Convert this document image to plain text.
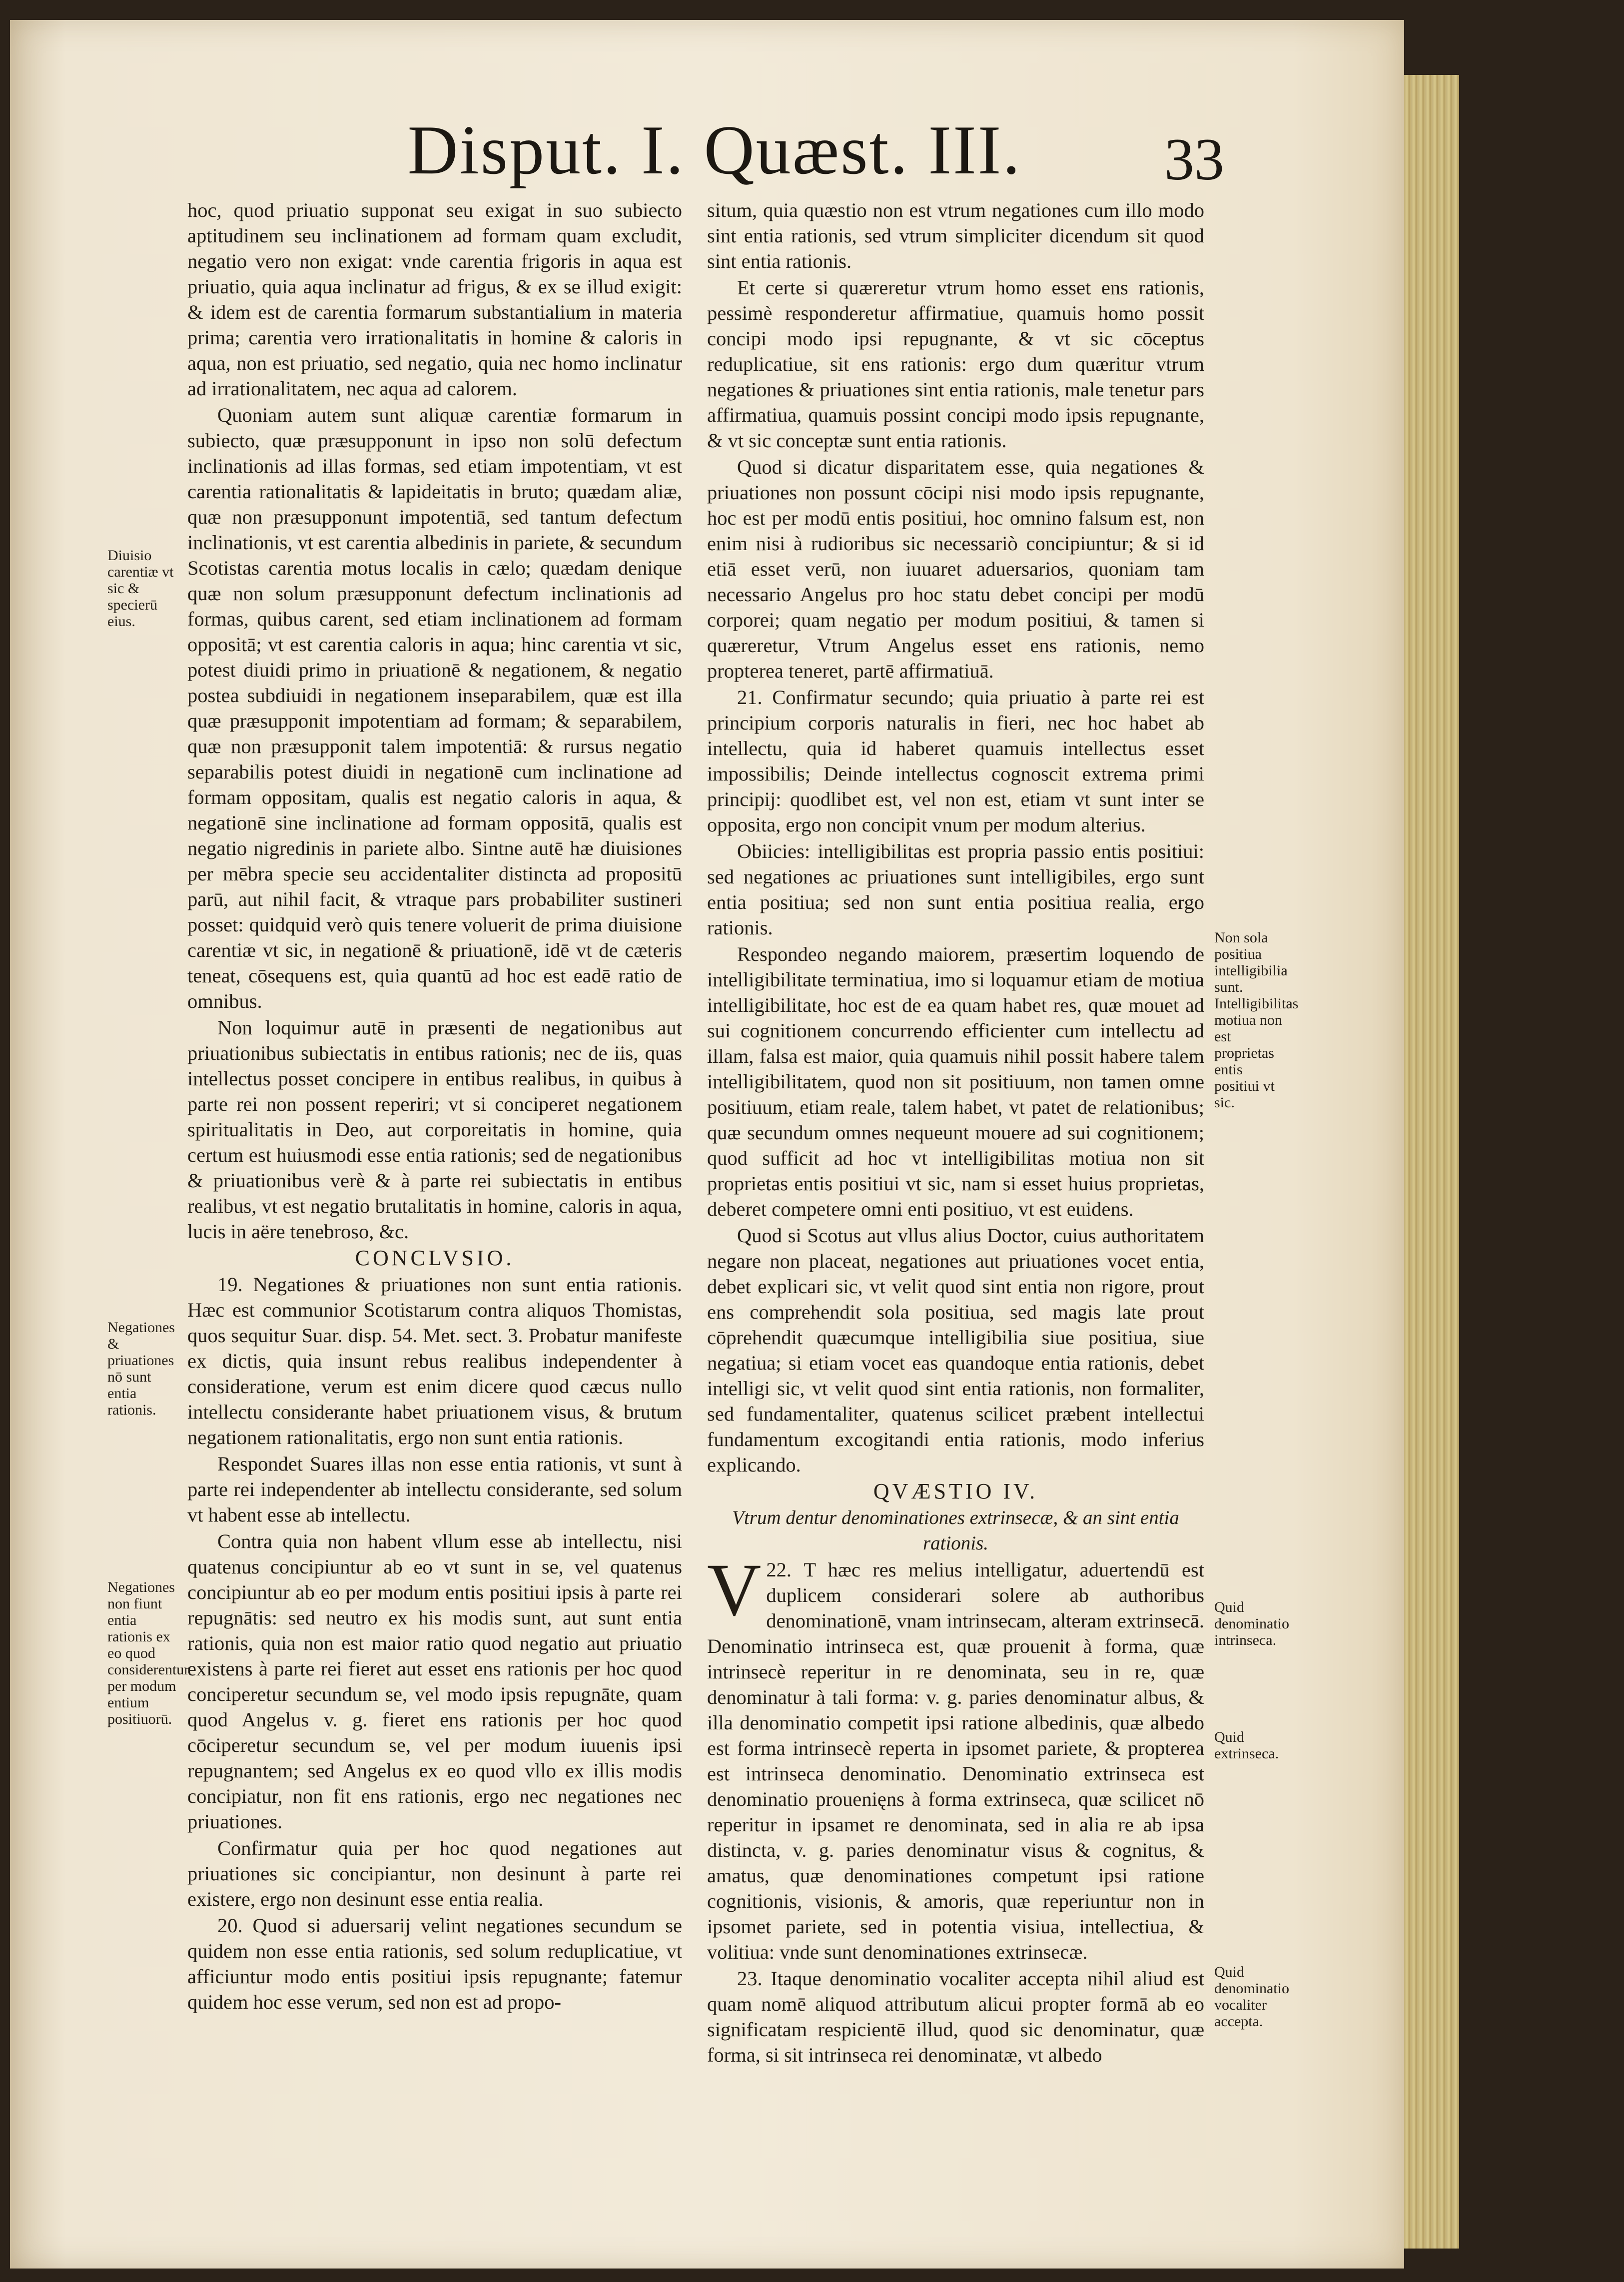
Disput. I. Quæst. III.	33
Diuisio carentiæ vt sic & specierū eius.
Negationes & priuationes nō sunt entia rationis.
Negationes non fiunt entia rationis ex eo quod considerentur per modum entium positiuorū.
Non sola positiua intelligibilia sunt. Intelligibilitas motiua non est proprietas entis positiui vt sic.
Quid denominatio intrinseca.
Quid extrinseca.
Quid denominatio vocaliter accepta.

hoc, quod priuatio supponat seu exigat in suo subiecto aptitudinem seu inclinationem ad formam quam excludit, negatio vero non exigat: vnde carentia frigoris in aqua est priuatio, quia aqua inclinatur ad frigus, & ex se illud exigit: & idem est de carentia formarum substantialium in materia prima; carentia vero irrationalitatis in homine & caloris in aqua, non est priuatio, sed negatio, quia nec homo inclinatur ad irrationalitatem, nec aqua ad calorem.

Quoniam autem sunt aliquæ carentiæ formarum in subiecto, quæ præsupponunt in ipso non solū defectum inclinationis ad illas formas, sed etiam impotentiam, vt est carentia rationalitatis & lapideitatis in bruto; quædam aliæ, quæ non præsupponunt impotentiā, sed tantum defectum inclinationis, vt est carentia albedinis in pariete, & secundum Scotistas carentia motus localis in cælo; quædam denique quæ non solum præsupponunt defectum inclinationis ad formas, quibus carent, sed etiam inclinationem ad formam oppositā; vt est carentia caloris in aqua; hinc carentia vt sic, potest diuidi primo in priuationē & negationem, & negatio postea subdiuidi in negationem inseparabilem, quæ est illa quæ præsupponit impotentiam ad formam; & separabilem, quæ non præsupponit talem impotentiā: & rursus negatio separabilis potest diuidi in negationē cum inclinatione ad formam oppositam, qualis est negatio caloris in aqua, & negationē sine inclinatione ad formam oppositā, qualis est negatio nigredinis in pariete albo. Sintne autē hæ diuisiones per mēbra specie seu accidentaliter distincta ad propositū parū, aut nihil facit, & vtraque pars probabiliter sustineri posset: quidquid verò quis tenere voluerit de prima diuisione carentiæ vt sic, in negationē & priuationē, idē vt de cæteris teneat, cōsequens est, quia quantū ad hoc est eadē ratio de omnibus.

Non loquimur autē in præsenti de negationibus aut priuationibus subiectatis in entibus rationis; nec de iis, quas intellectus posset concipere in entibus realibus, in quibus à parte rei non possent reperiri; vt si conciperet negationem spiritualitatis in Deo, aut corporeitatis in homine, quia certum est huiusmodi esse entia rationis; sed de negationibus & priuationibus verè & à parte rei subiectatis in entibus realibus, vt est negatio brutalitatis in homine, caloris in aqua, lucis in aëre tenebroso, &c.

CONCLVSIO.

19. Negationes & priuationes non sunt entia rationis. Hæc est communior Scotistarum contra aliquos Thomistas, quos sequitur Suar. disp. 54. Met. sect. 3. Probatur manifeste ex dictis, quia insunt rebus realibus independenter à consideratione, verum est enim dicere quod cæcus nullo intellectu considerante habet priuationem visus, & brutum negationem rationalitatis, ergo non sunt entia rationis.

Respondet Suares illas non esse entia rationis, vt sunt à parte rei independenter ab intellectu considerante, sed solum vt habent esse ab intellectu.

Contra quia non habent vllum esse ab intellectu, nisi quatenus concipiuntur ab eo vt sunt in se, vel quatenus concipiuntur ab eo per modum entis positiui ipsis à parte rei repugnātis: sed neutro ex his modis sunt, aut sunt entia rationis, quia non est maior ratio quod negatio aut priuatio existens à parte rei fieret aut esset ens rationis per hoc quod conciperetur secundum se, vel modo ipsis repugnāte, quam quod Angelus v. g. fieret ens rationis per hoc quod cōciperetur secundum se, vel per modum iuuenis ipsi repugnantem; sed Angelus ex eo quod vllo ex illis modis concipiatur, non fit ens rationis, ergo nec negationes nec priuationes.

Confirmatur quia per hoc quod negationes aut priuationes sic concipiantur, non desinunt à parte rei existere, ergo non desinunt esse entia realia.

20. Quod si aduersarij velint negationes secundum se quidem non esse entia rationis, sed solum reduplicatiue, vt afficiuntur modo entis positiui ipsis repugnante; fatemur quidem hoc esse verum, sed non est ad propo-

situm, quia quæstio non est vtrum negationes cum illo modo sint entia rationis, sed vtrum simpliciter dicendum sit quod sint entia rationis.

Et certe si quæreretur vtrum homo esset ens rationis, pessimè responderetur affirmatiue, quamuis homo possit concipi modo ipsi repugnante, & vt sic cōceptus reduplicatiue, sit ens rationis: ergo dum quæritur vtrum negationes & priuationes sint entia rationis, male tenetur pars affirmatiua, quamuis possint concipi modo ipsis repugnante, & vt sic conceptæ sunt entia rationis.

Quod si dicatur disparitatem esse, quia negationes & priuationes non possunt cōcipi nisi modo ipsis repugnante, hoc est per modū entis positiui, hoc omnino falsum est, non enim nisi à rudioribus sic necessariò concipiuntur; & si id etiā esset verū, non iuuaret aduersarios, quoniam tam necessario Angelus pro hoc statu debet concipi per modū corporei; quam negatio per modum positiui, & tamen si quæreretur, Vtrum Angelus esset ens rationis, nemo propterea teneret, partē affirmatiuā.

21. Confirmatur secundo; quia priuatio à parte rei est principium corporis naturalis in fieri, nec hoc habet ab intellectu, quia id haberet quamuis intellectus esset impossibilis; Deinde intellectus cognoscit extrema primi principij: quodlibet est, vel non est, etiam vt sunt inter se opposita, ergo non concipit vnum per modum alterius.

Obiicies: intelligibilitas est propria passio entis positiui: sed negationes ac priuationes sunt intelligibiles, ergo sunt entia positiua; sed non sunt entia positiua realia, ergo rationis.

Respondeo negando maiorem, præsertim loquendo de intelligibilitate terminatiua, imo si loquamur etiam de motiua intelligibilitate, hoc est de ea quam habet res, quæ mouet ad sui cognitionem concurrendo efficienter cum intellectu ad illam, falsa est maior, quia quamuis nihil possit habere talem intelligibilitatem, quod non sit positiuum, non tamen omne positiuum, etiam reale, talem habet, vt patet de relationibus; quæ secundum omnes nequeunt mouere ad sui cognitionem; quod sufficit ad hoc vt intelligibilitas motiua non sit proprietas entis positiui vt sic, nam si esset huius proprietas, deberet competere omni enti positiuo, vt est euidens.

Quod si Scotus aut vllus alius Doctor, cuius authoritatem negare non placeat, negationes aut priuationes vocet entia, debet explicari sic, vt velit quod sint entia non rigore, prout ens comprehendit sola positiua, sed magis late prout cōprehendit quæcumque intelligibilia siue positiua, siue negatiua; si etiam vocet eas quandoque entia rationis, debet intelligi sic, vt velit quod sint entia rationis, non formaliter, sed fundamentaliter, quatenus scilicet præbent intellectui fundamentum excogitandi entia rationis, modo inferius explicando.

QVÆSTIO IV.

Vtrum dentur denominationes extrinsecæ, & an sint entia rationis.

22.
V T hæc res melius intelligatur, aduertendū est duplicem considerari solere ab authoribus denominationē, vnam intrinsecam, alteram extrinsecā. Denominatio intrinseca est, quæ prouenit à forma, quæ intrinsecè reperitur in re denominata, seu in re, quæ denominatur à tali forma: v. g. paries denominatur albus, & illa denominatio competit ipsi ratione albedinis, quæ albedo est forma intrinsecè reperta in ipsomet pariete, & propterea est intrinseca denominatio. Denominatio extrinseca est denominatio prouenięns à forma extrinseca, quæ scilicet nō reperitur in ipsamet re denominata, sed in alia re ab ipsa distincta, v. g. paries denominatur visus & cognitus, & amatus, quæ denominationes competunt ipsi ratione cognitionis, visionis, & amoris, quæ reperiuntur non in ipsomet pariete, sed in potentia visiua, intellectiua, & volitiua: vnde sunt denominationes extrinsecæ.

23. Itaque denominatio vocaliter accepta nihil aliud est quam nomē aliquod attributum alicui propter formā ab eo significatam respicientē illud, quod sic denominatur, quæ forma, si sit intrinseca rei denominatæ, vt albedo
